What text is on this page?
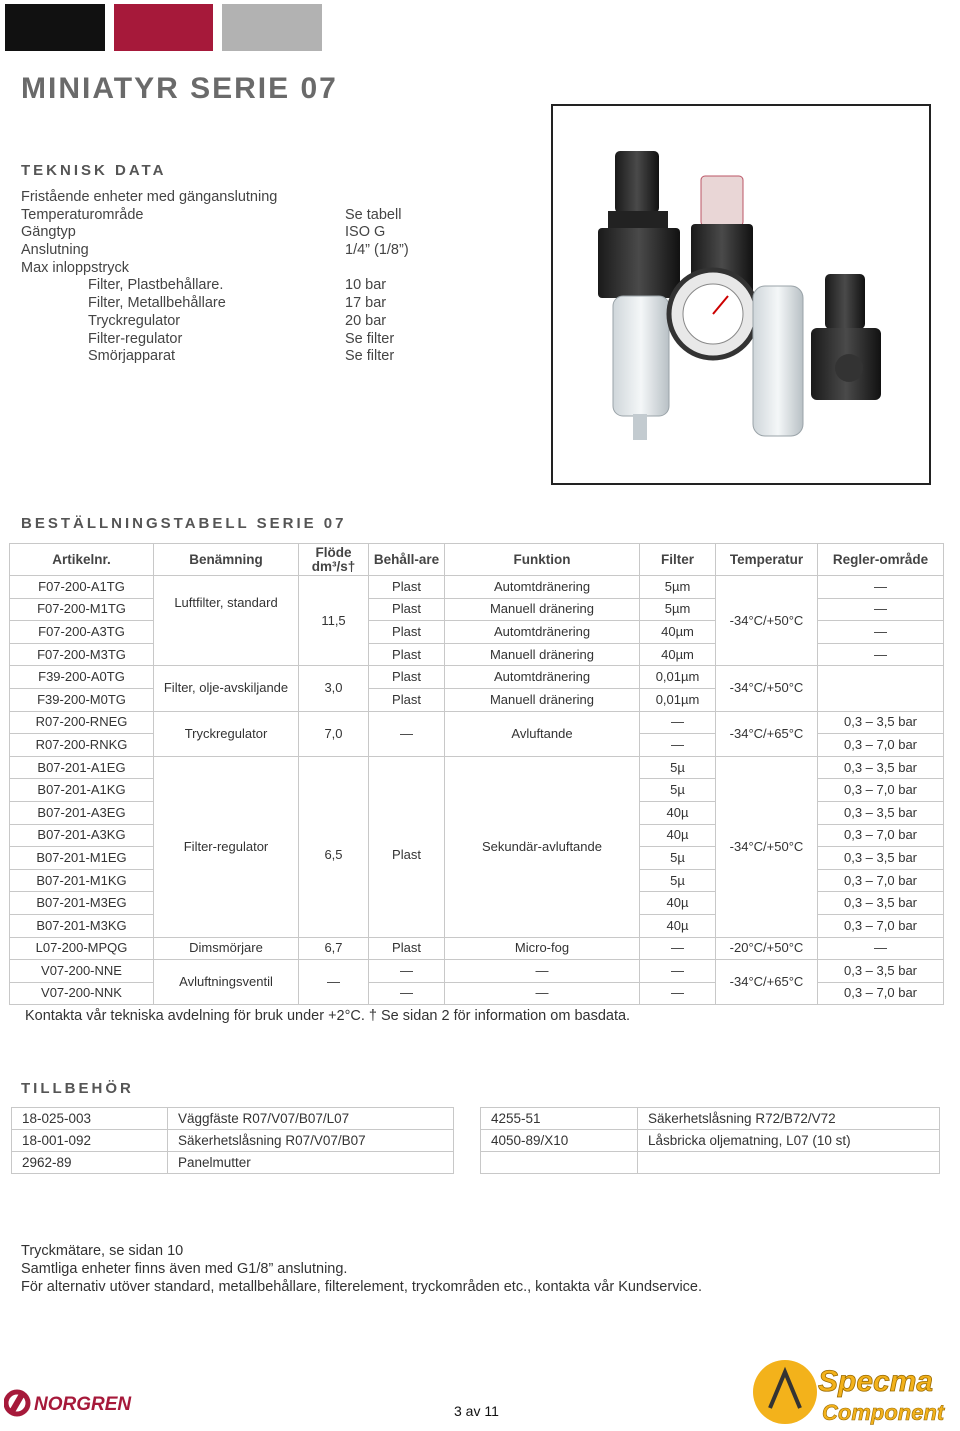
MINIATYR SERIE 07
TEKNISK DATA
Fristående enheter med gänganslutning
Temperaturområde	Se tabell
Gängtyp	ISO G
Anslutning	1/4” (1/8”)
Max inloppstryck
Filter, Plastbehållare.	10 bar
Filter, Metallbehållare	17 bar
Tryckregulator	20 bar
Filter-regulator	Se filter
Smörjapparat	Se filter
BESTÄLLNINGSTABELL SERIE 07
Artikelnr.	Benämning	Flöde dm³/s†	Behåll-are	Funktion	Filter	Temperatur	Regler-område
F07-200-A1TG	Luftfilter, standard	11,5	Plast	Automtdränering	5µm	-34°C/+50°C	—
F07-200-M1TG			Plast	Manuell dränering	5µm		—
F07-200-A3TG			Plast	Automtdränering	40µm		—
F07-200-M3TG			Plast	Manuell dränering	40µm		—
F39-200-A0TG	Filter, olje-avskiljande	3,0	Plast	Automtdränering	0,01µm	-34°C/+50°C	
F39-200-M0TG			Plast	Manuell dränering	0,01µm		
R07-200-RNEG	Tryckregulator	7,0	—	Avluftande	—	-34°C/+65°C	0,3 – 3,5 bar
R07-200-RNKG					—		0,3 – 7,0 bar
B07-201-A1EG	Filter-regulator	6,5	Plast	Sekundär-avluftande	5µ	-34°C/+50°C	0,3 – 3,5 bar
B07-201-A1KG					5µ		0,3 – 7,0 bar
B07-201-A3EG					40µ		0,3 – 3,5 bar
B07-201-A3KG					40µ		0,3 – 7,0 bar
B07-201-M1EG					5µ		0,3 – 3,5 bar
B07-201-M1KG					5µ		0,3 – 7,0 bar
B07-201-M3EG					40µ		0,3 – 3,5 bar
B07-201-M3KG					40µ		0,3 – 7,0 bar
L07-200-MPQG	Dimsmörjare	6,7	Plast	Micro-fog	—	-20°C/+50°C	—
V07-200-NNE	Avluftningsventil	—	—	—	—	-34°C/+65°C	0,3 – 3,5 bar
V07-200-NNK			—	—	—		0,3 – 7,0 bar
Kontakta vår tekniska avdelning för bruk under +2°C. † Se sidan 2 för information om basdata.
TILLBEHÖR
18-025-003	Väggfäste R07/V07/B07/L07
18-001-092	Säkerhetslåsning R07/V07/B07
2962-89	Panelmutter
4255-51	Säkerhetslåsning R72/B72/V72
4050-89/X10	Låsbricka oljematning, L07 (10 st)

Tryckmätare, se sidan 10
Samtliga enheter finns även med G1/8” anslutning.
För alternativ utöver standard, metallbehållare, filterelement, tryckområden etc., kontakta vår Kundservice.
NORGREN	3 av 11
Specma
Component
